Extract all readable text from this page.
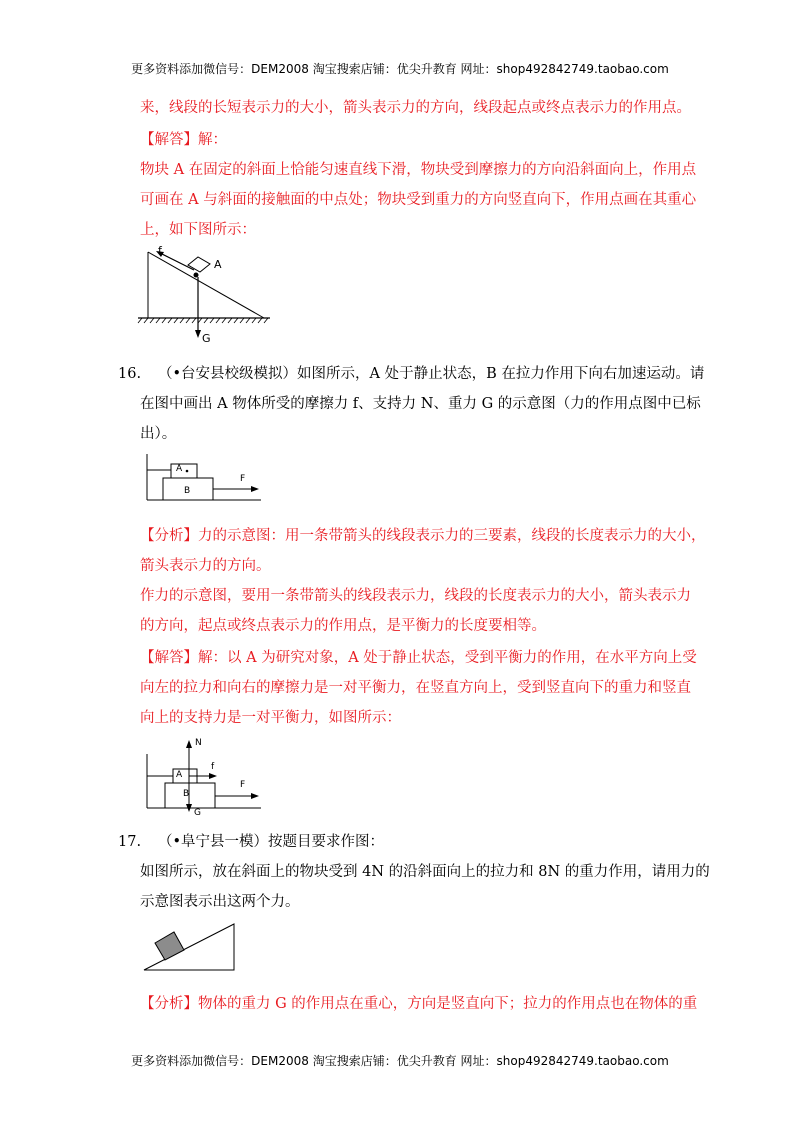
更多资料添加微信号：DEM2008 淘宝搜索店铺：优尖升教育 网址：shop492842749.taobao.com
来，线段的长短表示力的大小，箭头表示力的方向，线段起点或终点表示力的作用点。
【解答】解：
物块 A 在固定的斜面上恰能匀速直线下滑，物块受到摩擦力的方向沿斜面向上，作用点
可画在 A 与斜面的接触面的中点处；物块受到重力的方向竖直向下，作用点画在其重心
上，如下图所示：
f
A
G
16.	（•台安县校级模拟）如图所示，A 处于静止状态，B 在拉力作用下向右加速运动。请
在图中画出 A 物体所受的摩擦力 f、支持力 N、重力 G 的示意图（力的作用点图中已标
出）。
A
B
F
【分析】力的示意图：用一条带箭头的线段表示力的三要素，线段的长度表示力的大小，
箭头表示力的方向。
作力的示意图，要用一条带箭头的线段表示力，线段的长度表示力的大小，箭头表示力
的方向，起点或终点表示力的作用点，是平衡力的长度要相等。
【解答】解：以 A 为研究对象，A 处于静止状态，受到平衡力的作用，在水平方向上受
向左的拉力和向右的摩擦力是一对平衡力，在竖直方向上，受到竖直向下的重力和竖直
向上的支持力是一对平衡力，如图所示：
N
f
A
B
F
G
17.	（•阜宁县一模）按题目要求作图：
如图所示，放在斜面上的物块受到 4N 的沿斜面向上的拉力和 8N 的重力作用，请用力的
示意图表示出这两个力。
【分析】物体的重力 G 的作用点在重心，方向是竖直向下；拉力的作用点也在物体的重
更多资料添加微信号：DEM2008 淘宝搜索店铺：优尖升教育 网址：shop492842749.taobao.com
